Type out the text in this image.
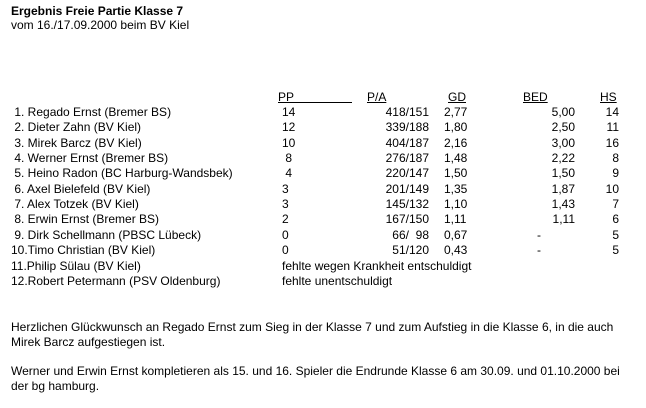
Ergebnis Freie Partie Klasse 7
vom 16./17.09.2000 beim BV Kiel
PP	P/A	GD	BED	HS
1. Regado Ernst (Bremer BS)	14	418/151 2,77	5,00	14
2. Dieter Zahn (BV Kiel)	12	339/188 1,80	2,50	11
3. Mirek Barcz (BV Kiel)	10	404/187 2,16	3,00	16
4. Werner Ernst (Bremer BS)	8	276/187 1,48	2,22	8
5. Heino Radon (BC Harburg-Wandsbek)	4	220/147 1,50	1,50	9
6. Axel Bielefeld (BV Kiel)	3	201/149 1,35	1,87	10
7. Alex Totzek (BV Kiel)	3	145/132 1,10	1,43	7
8. Erwin Ernst (Bremer BS)	2	167/150 1,11	1,11	6
9. Dirk Schellmann (PBSC Lübeck)	0	66/  98 0,67	-	5
10.Timo Christian (BV Kiel)	0	51/120 0,43	-	5
11.Philip Sülau (BV Kiel)	fehlte wegen Krankheit entschuldigt
12.Robert Petermann (PSV Oldenburg)	fehlte unentschuldigt
Herzlichen Glückwunsch an Regado Ernst zum Sieg in der Klasse 7 und zum Aufstieg in die Klasse 6, in die auch Mirek Barcz aufgestiegen ist.
Werner und Erwin Ernst kompletieren als 15. und 16. Spieler die Endrunde Klasse 6 am 30.09. und 01.10.2000 bei der bg hamburg.
